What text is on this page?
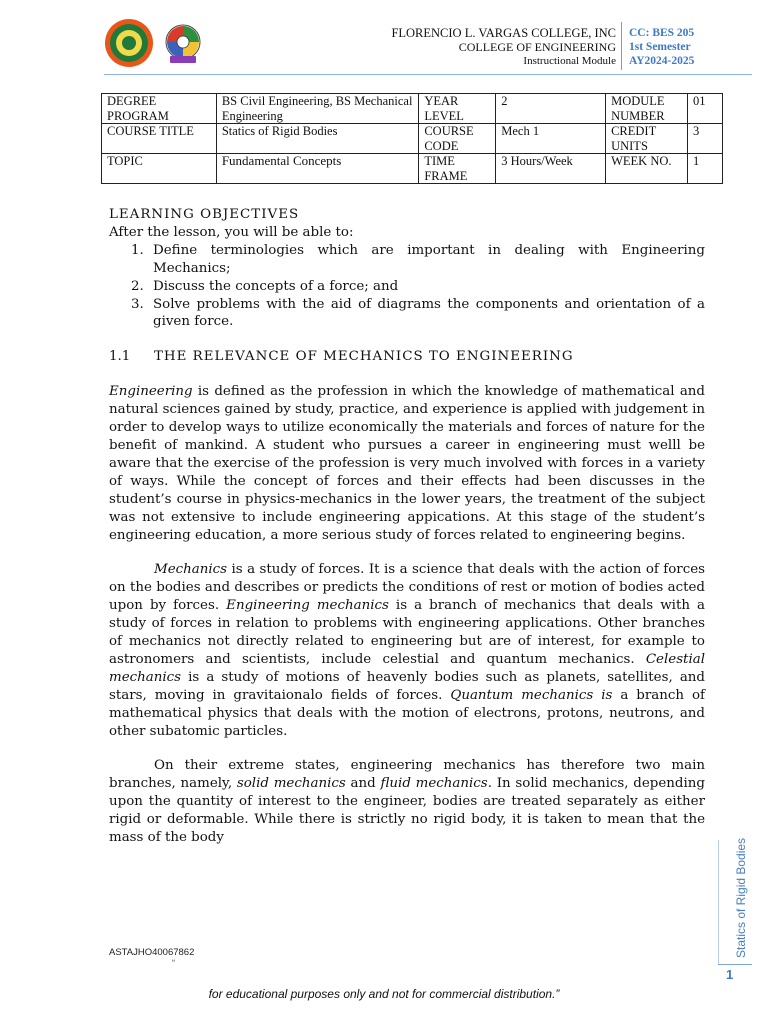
FLORENCIO L. VARGAS COLLEGE, INC
COLLEGE OF ENGINEERING
Instructional Module
CC: BES 205
1st Semester
AY2024-2025
DEGREE PROGRAM	BS Civil Engineering, BS Mechanical Engineering	YEAR LEVEL	2	MODULE NUMBER	01
COURSE TITLE	Statics of Rigid Bodies	COURSE CODE	Mech 1	CREDIT UNITS	3
TOPIC	Fundamental Concepts	TIME FRAME	3 Hours/Week	WEEK NO.	1
LEARNING OBJECTIVES
After the lesson, you will be able to:
1. Define terminologies which are important in dealing with Engineering Mechanics;
2. Discuss the concepts of a force; and
3. Solve problems with the aid of diagrams the components and orientation of a given force.
1.1 THE RELEVANCE OF MECHANICS TO ENGINEERING

Engineering is defined as the profession in which the knowledge of mathematical and natural sciences gained by study, practice, and experience is applied with judgement in order to develop ways to utilize economically the materials and forces of nature for the benefit of mankind. A student who pursues a career in engineering must welll be aware that the exercise of the profession is very much involved with forces in a variety of ways. While the concept of forces and their effects had been discusses in the student’s course in physics-mechanics in the lower years, the treatment of the subject was not extensive to include engineering appications. At this stage of the student’s engineering education, a more serious study of forces related to engineering begins.

Mechanics is a study of forces. It is a science that deals with the action of forces on the bodies and describes or predicts the conditions of rest or motion of bodies acted upon by forces. Engineering mechanics is a branch of mechanics that deals with a study of forces in relation to problems with engineering applications. Other branches of mechanics not directly related to engineering but are of interest, for example to astronomers and scientists, include celestial and quantum mechanics. Celestial mechanics is a study of motions of heavenly bodies such as planets, satellites, and stars, moving in gravitaionalo fields of forces. Quantum mechanics is a branch of mathematical physics that deals with the motion of electrons, protons, neutrons, and other subatomic particles.

On their extreme states, engineering mechanics has therefore two main branches, namely, solid mechanics and fluid mechanics. In solid mechanics, depending upon the quantity of interest to the engineer, bodies are treated separately as either rigid or deformable. While there is strictly no rigid body, it is taken to mean that the mass of the body

Statics of Rigid Bodies
1
ASTAJHO40067862
“
for educational purposes only and not for commercial distribution.”
